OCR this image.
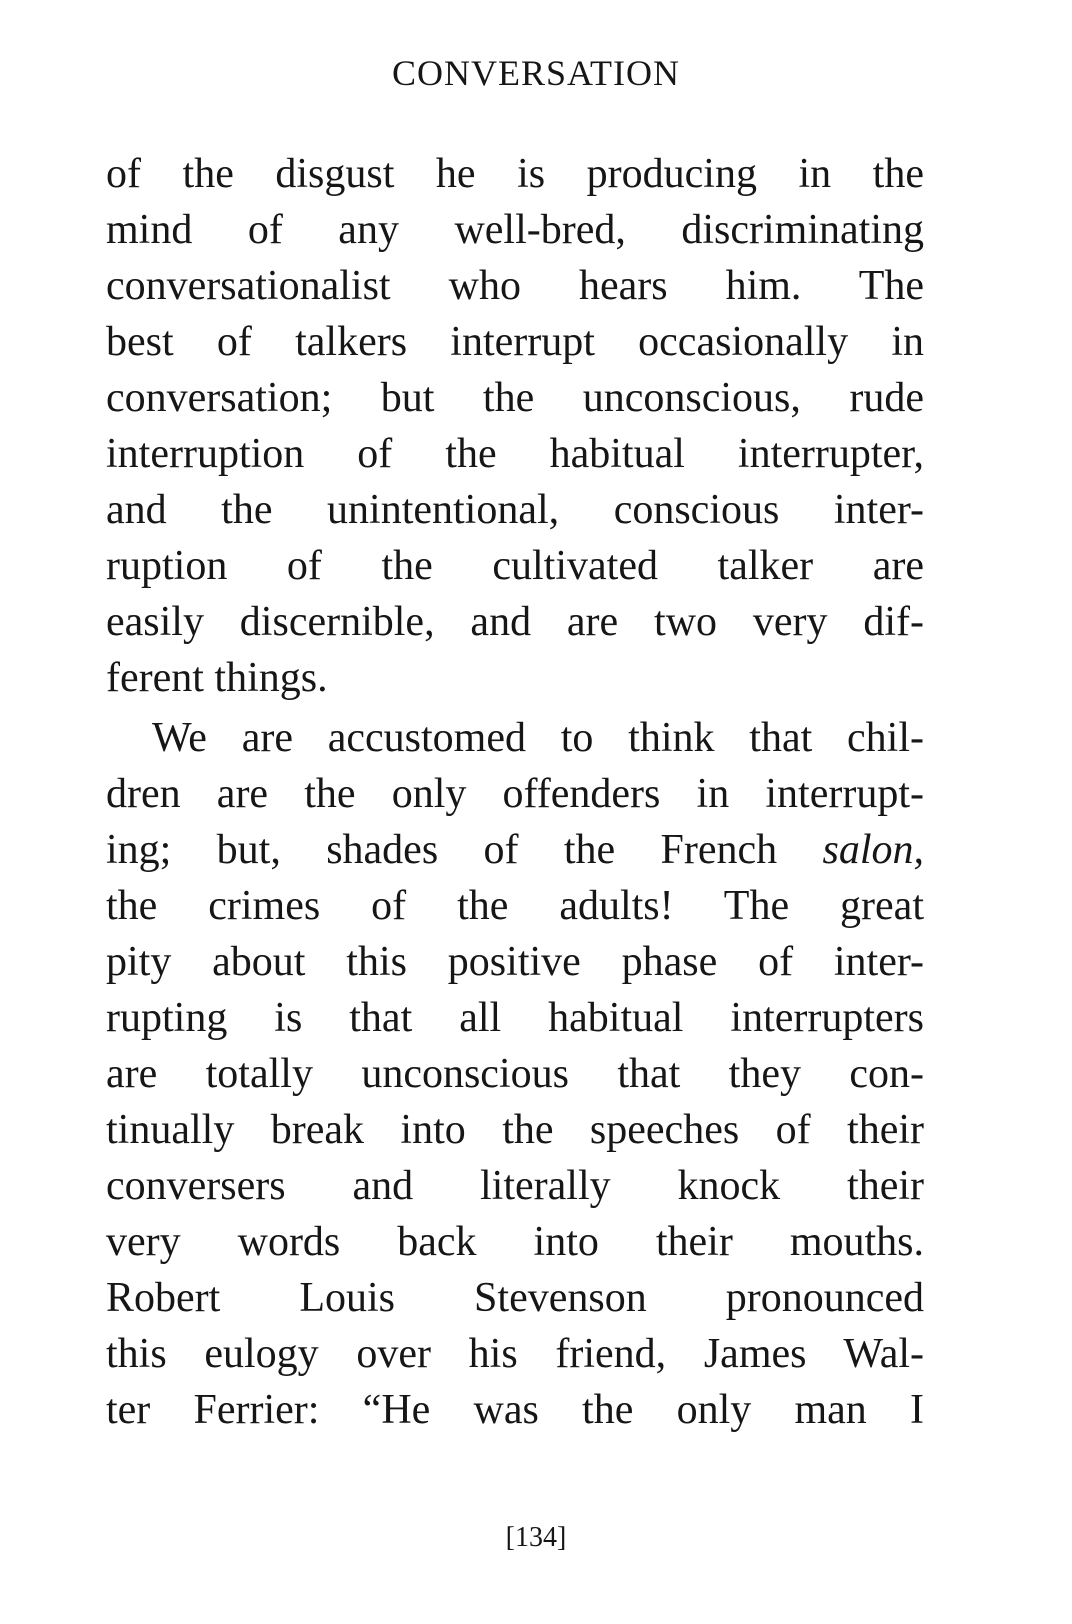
CONVERSATION
of the disgust he is producing in the
mind of any well-bred, discriminating
conversationalist who hears him. The
best of talkers interrupt occasionally in
conversation; but the unconscious, rude
interruption of the habitual interrupter,
and the unintentional, conscious inter-
ruption of the cultivated talker are
easily discernible, and are two very dif-
ferent things.
We are accustomed to think that chil-
dren are the only offenders in interrupt-
ing; but, shades of the French salon,
the crimes of the adults! The great
pity about this positive phase of inter-
rupting is that all habitual interrupters
are totally unconscious that they con-
tinually break into the speeches of their
conversers and literally knock their
very words back into their mouths.
Robert Louis Stevenson pronounced
this eulogy over his friend, James Wal-
ter Ferrier: “He was the only man I
[134]
